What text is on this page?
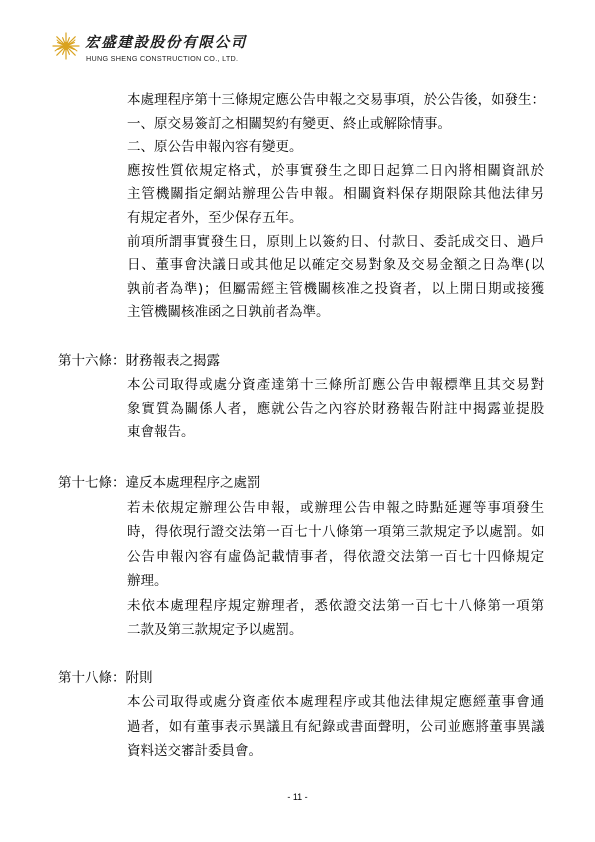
宏盛建設股份有限公司
HUNG SHENG CONSTRUCTION CO., LTD.
本處理程序第十三條規定應公告申報之交易事項，於公告後，如發生：
一、原交易簽訂之相關契約有變更、終止或解除情事。
二、原公告申報內容有變更。
應按性質依規定格式，於事實發生之即日起算二日內將相關資訊於
主管機關指定網站辦理公告申報。相關資料保存期限除其他法律另
有規定者外，至少保存五年。
前項所謂事實發生日，原則上以簽約日、付款日、委託成交日、過戶
日、董事會決議日或其他足以確定交易對象及交易金額之日為準(以
孰前者為準)；但屬需經主管機關核准之投資者，以上開日期或接獲
主管機關核准函之日孰前者為準。
第十六條：財務報表之揭露
本公司取得或處分資產達第十三條所訂應公告申報標準且其交易對
象實質為關係人者，應就公告之內容於財務報告附註中揭露並提股
東會報告。
第十七條：違反本處理程序之處罰
若未依規定辦理公告申報，或辦理公告申報之時點延遲等事項發生
時，得依現行證交法第一百七十八條第一項第三款規定予以處罰。如
公告申報內容有虛偽記載情事者，得依證交法第一百七十四條規定
辦理。
未依本處理程序規定辦理者，悉依證交法第一百七十八條第一項第
二款及第三款規定予以處罰。
第十八條：附則
本公司取得或處分資產依本處理程序或其他法律規定應經董事會通
過者，如有董事表示異議且有紀錄或書面聲明，公司並應將董事異議
資料送交審計委員會。
- 11 -
